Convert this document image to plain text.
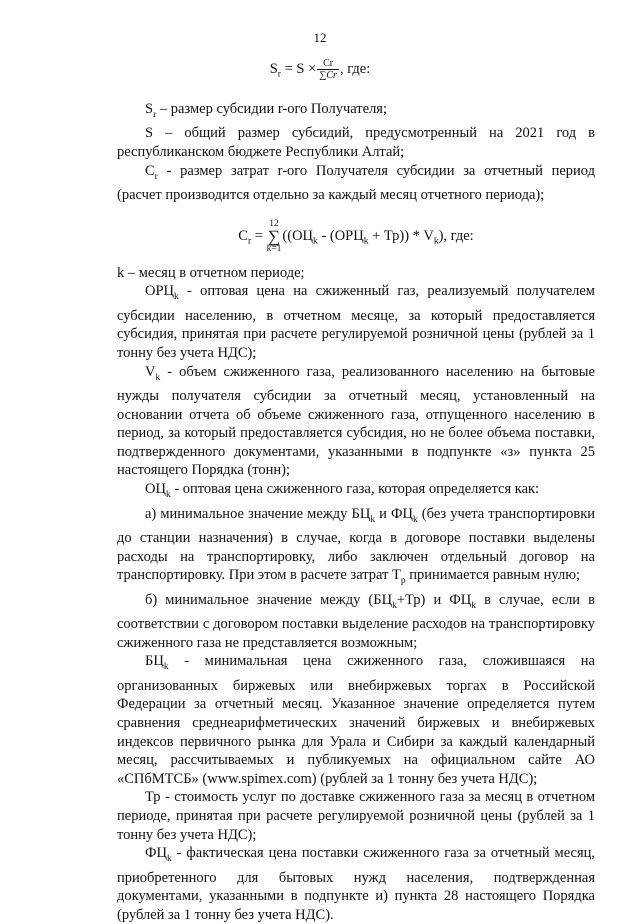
12
$S_r = S \times \frac{Cr}{\sum Cr}$ , где:

$S_r$ – размер субсидии r-ого Получателя;

S – общий размер субсидий, предусмотренный на 2021 год в республиканском бюджете Республики Алтай;

$C_r$ - размер затрат r-ого Получателя субсидии за отчетный период (расчет производится отдельно за каждый месяц отчетного периода);

$C_r$ =
12
∑
k=1
$((ОЦ_k - (ОРЦ_k + Тр)) * V_k)$, где:

k – месяц в отчетном периоде;

$ОРЦ_k$ - оптовая цена на сжиженный газ, реализуемый получателем субсидии населению, в отчетном месяце, за который предоставляется субсидия, принятая при расчете регулируемой розничной цены (рублей за 1 тонну без учета НДС);

$V_k$ - объем сжиженного газа, реализованного населению на бытовые нужды получателя субсидии за отчетный месяц, установленный на основании отчета об объеме сжиженного газа, отпущенного населению в период, за который предоставляется субсидия, но не более объема поставки, подтвержденного документами, указанными в подпункте «з» пункта 25 настоящего Порядка (тонн);

$ОЦ_k$ - оптовая цена сжиженного газа, которая определяется как:

а) минимальное значение между $БЦ_k$ и $ФЦ_k$ (без учета транспортировки до станции назначения) в случае, когда в договоре поставки выделены расходы на транспортировку, либо заключен отдельный договор на транспортировку. При этом в расчете затрат $Т_р$ принимается равным нулю;

б) минимальное значение между $(БЦ_k+Тр)$ и $ФЦ_k$ в случае, если в соответствии с договором поставки выделение расходов на транспортировку сжиженного газа не представляется возможным;

$БЦ_k$ - минимальная цена сжиженного газа, сложившаяся на организованных биржевых или внебиржевых торгах в Российской Федерации за отчетный месяц. Указанное значение определяется путем сравнения среднеарифметических значений биржевых и внебиржевых индексов первичного рынка для Урала и Сибири за каждый календарный месяц, рассчитываемых и публикуемых на официальном сайте АО «СПбМТСБ» (www.spimex.com) (рублей за 1 тонну без учета НДС);

Тр - стоимость услуг по доставке сжиженного газа за месяц в отчетном периоде, принятая при расчете регулируемой розничной цены (рублей за 1 тонну без учета НДС);

$ФЦ_k$ - фактическая цена поставки сжиженного газа за отчетный месяц, приобретенного для бытовых нужд населения, подтвержденная документами, указанными в подпункте и) пункта 28 настоящего Порядка (рублей за 1 тонну без учета НДС).
